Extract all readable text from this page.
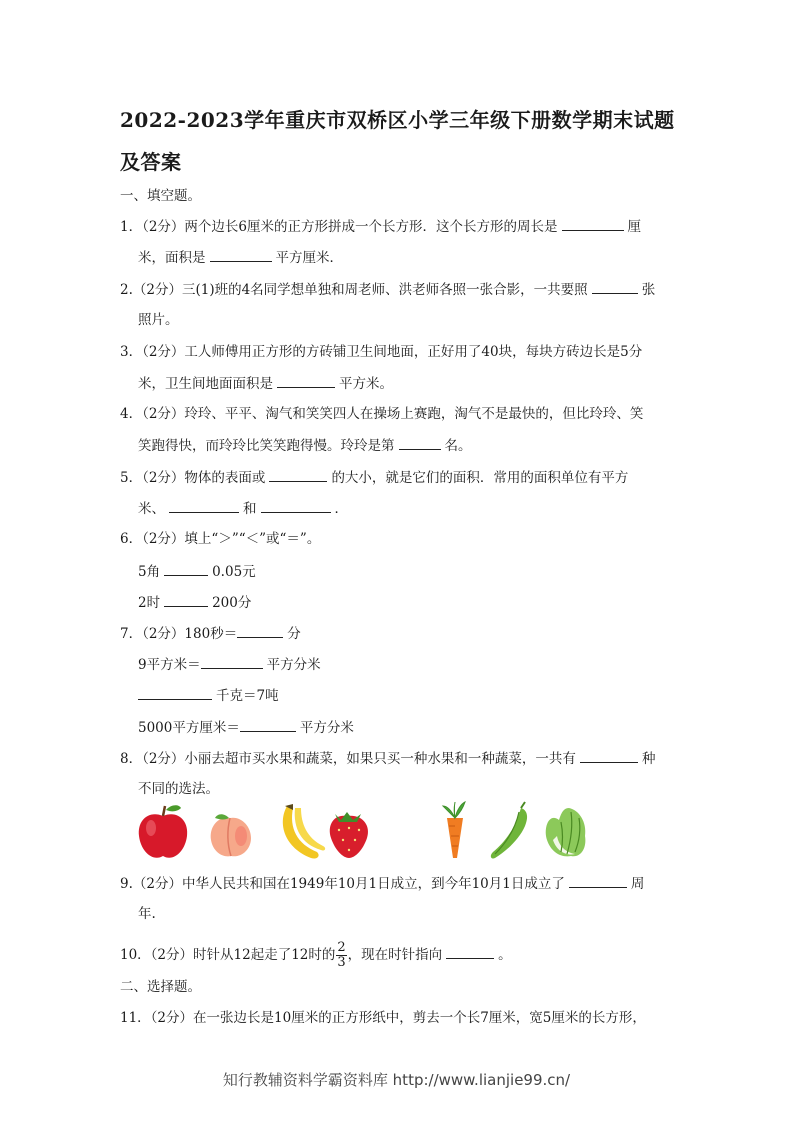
2022-2023学年重庆市双桥区小学三年级下册数学期末试题
及答案
一、填空题。
1．（2分）两个边长6厘米的正方形拼成一个长方形．这个长方形的周长是	厘
米，面积是	平方厘米．
2.（2分）三(1)班的4名同学想单独和周老师、洪老师各照一张合影，一共要照	张
照片。
3．（2分）工人师傅用正方形的方砖铺卫生间地面，正好用了40块，每块方砖边长是5分
米，卫生间地面面积是	平方米。
4．（2分）玲玲、平平、淘气和笑笑四人在操场上赛跑，淘气不是最快的，但比玲玲、笑
笑跑得快，而玲玲比笑笑跑得慢。玲玲是第	名。
5．（2分）物体的表面或	的大小，就是它们的面积．常用的面积单位有平方
米、	和	．
6．（2分）填上“＞”“＜”或“＝”。
5角	0.05元
2时	200分
7．（2分）180秒＝	分
9平方米＝	平方分米
千克＝7吨
5000平方厘米＝	平方分米
8．（2分）小丽去超市买水果和蔬菜，如果只买一种水果和一种蔬菜，一共有	种
不同的选法。
9.（2分）中华人民共和国在1949年10月1日成立，到今年10月1日成立了	周
年.
10．（2分）时针从12起走了12时的 $\frac{2}{3}$ ，现在时针指向	。
二、选择题。
11．（2分）在一张边长是10厘米的正方形纸中，剪去一个长7厘米，宽5厘米的长方形，
知行教辅资料学霸资料库 http://www.lianjie99.cn/
